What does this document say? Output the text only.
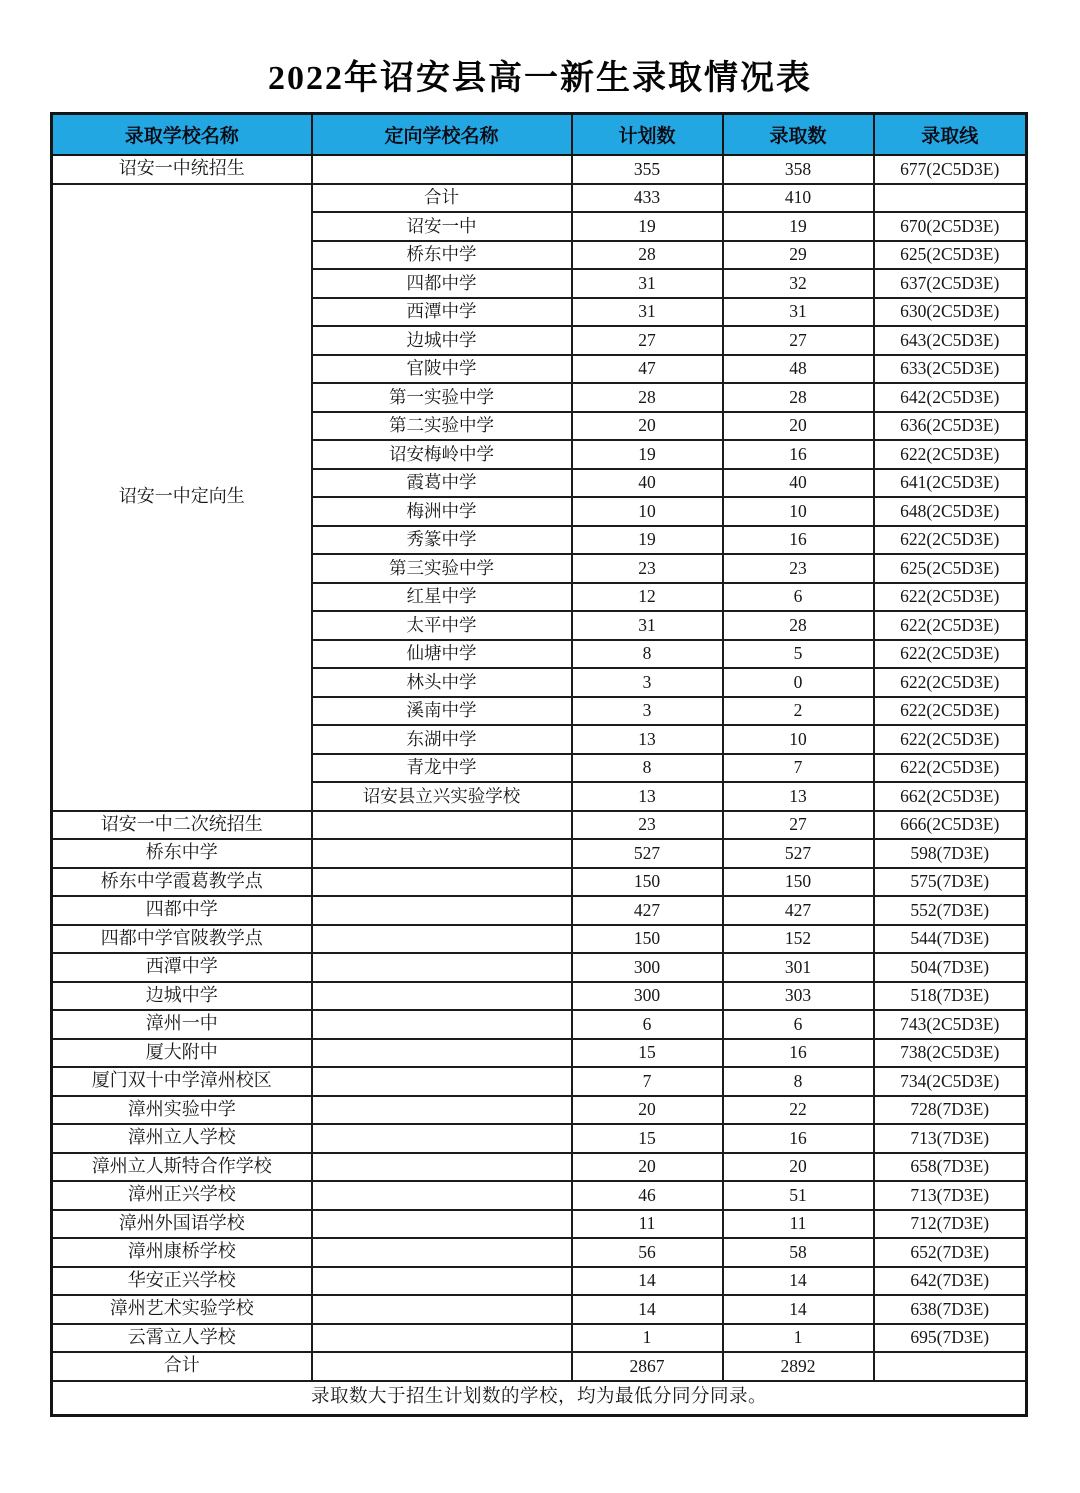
2022年诏安县高一新生录取情况表
录取学校名称	定向学校名称	计划数	录取数	录取线
诏安一中统招生		355	358	677(2C5D3E)
诏安一中定向生	合计	433	410	
	诏安一中	19	19	670(2C5D3E)
	桥东中学	28	29	625(2C5D3E)
	四都中学	31	32	637(2C5D3E)
	西潭中学	31	31	630(2C5D3E)
	边城中学	27	27	643(2C5D3E)
	官陂中学	47	48	633(2C5D3E)
	第一实验中学	28	28	642(2C5D3E)
	第二实验中学	20	20	636(2C5D3E)
	诏安梅岭中学	19	16	622(2C5D3E)
	霞葛中学	40	40	641(2C5D3E)
	梅洲中学	10	10	648(2C5D3E)
	秀篆中学	19	16	622(2C5D3E)
	第三实验中学	23	23	625(2C5D3E)
	红星中学	12	6	622(2C5D3E)
	太平中学	31	28	622(2C5D3E)
	仙塘中学	8	5	622(2C5D3E)
	林头中学	3	0	622(2C5D3E)
	溪南中学	3	2	622(2C5D3E)
	东湖中学	13	10	622(2C5D3E)
	青龙中学	8	7	622(2C5D3E)
	诏安县立兴实验学校	13	13	662(2C5D3E)
诏安一中二次统招生		23	27	666(2C5D3E)
桥东中学		527	527	598(7D3E)
桥东中学霞葛教学点		150	150	575(7D3E)
四都中学		427	427	552(7D3E)
四都中学官陂教学点		150	152	544(7D3E)
西潭中学		300	301	504(7D3E)
边城中学		300	303	518(7D3E)
漳州一中		6	6	743(2C5D3E)
厦大附中		15	16	738(2C5D3E)
厦门双十中学漳州校区		7	8	734(2C5D3E)
漳州实验中学		20	22	728(7D3E)
漳州立人学校		15	16	713(7D3E)
漳州立人斯特合作学校		20	20	658(7D3E)
漳州正兴学校		46	51	713(7D3E)
漳州外国语学校		11	11	712(7D3E)
漳州康桥学校		56	58	652(7D3E)
华安正兴学校		14	14	642(7D3E)
漳州艺术实验学校		14	14	638(7D3E)
云霄立人学校		1	1	695(7D3E)
合计		2867	2892	
录取数大于招生计划数的学校，均为最低分同分同录。				
